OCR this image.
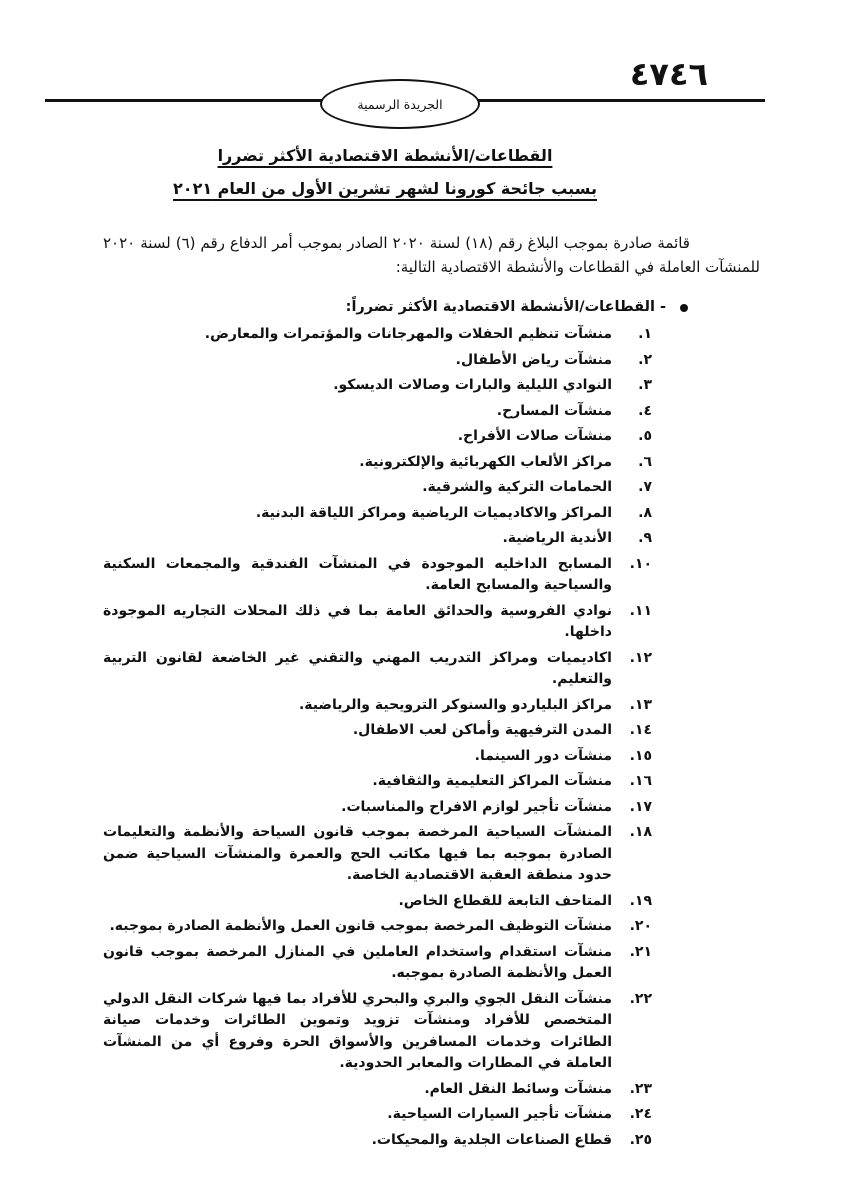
٤٧٤٦
الجريدة الرسمية
القطاعات/الأنشطة الاقتصادية الأكثر تضررا
بسبب جائحة كورونا لشهر تشرين الأول من العام ٢٠٢١

قائمة صادرة بموجب البلاغ رقم (١٨) لسنة ٢٠٢٠ الصادر بموجب أمر الدفاع رقم (٦) لسنة ٢٠٢٠ للمنشآت العاملة في القطاعات والأنشطة الاقتصادية التالية:

- القطاعات/الأنشطة الاقتصادية الأكثر تضرراً:
١.
منشآت تنظيم الحفلات والمهرجانات والمؤتمرات والمعارض.
٢.
منشآت رياض الأطفال.
٣.
النوادي الليلية والبارات وصالات الديسكو.
٤.
منشآت المسارح.
٥.
منشآت صالات الأفراح.
٦.
مراكز الألعاب الكهربائية والإلكترونية.
٧.
الحمامات التركية والشرقية.
٨.
المراكز والاكاديميات الرياضية ومراكز اللياقة البدنية.
٩.
الأندية الرياضية.
١٠.
المسابح الداخليه الموجودة في المنشآت الفندقية والمجمعات السكنية والسياحية والمسابح العامة.
١١.
نوادي الفروسية والحدائق العامة بما في ذلك المحلات التجاريه الموجودة داخلها.
١٢.
اكاديميات ومراكز التدريب المهني والتقني غير الخاضعة لقانون التربية والتعليم.
١٣.
مراكز البلياردو والسنوكر الترويحية والرياضية.
١٤.
المدن الترفيهية وأماكن لعب الاطفال.
١٥.
منشآت دور السينما.
١٦.
منشآت المراكز التعليمية والثقافية.
١٧.
منشآت تأجير لوازم الافراح والمناسبات.
١٨.
المنشآت السياحية المرخصة بموجب قانون السياحة والأنظمة والتعليمات الصادرة بموجبه بما فيها مكاتب الحج والعمرة والمنشآت السياحية ضمن حدود منطقة العقبة الاقتصادية الخاصة.
١٩.
المتاحف التابعة للقطاع الخاص.
٢٠.
منشآت التوظيف المرخصة بموجب قانون العمل والأنظمة الصادرة بموجبه.
٢١.
منشآت استقدام واستخدام العاملين في المنازل المرخصة بموجب قانون العمل والأنظمة الصادرة بموجبه.
٢٢.
منشآت النقل الجوي والبري والبحري للأفراد بما فيها شركات النقل الدولي المتخصص للأفراد ومنشآت تزويد وتموين الطائرات وخدمات صيانة الطائرات وخدمات المسافرين والأسواق الحرة وفروع أي من المنشآت العاملة في المطارات والمعابر الحدودية.
٢٣.
منشآت وسائط النقل العام.
٢٤.
منشآت تأجير السيارات السياحية.
٢٥.
قطاع الصناعات الجلدية والمحيكات.
